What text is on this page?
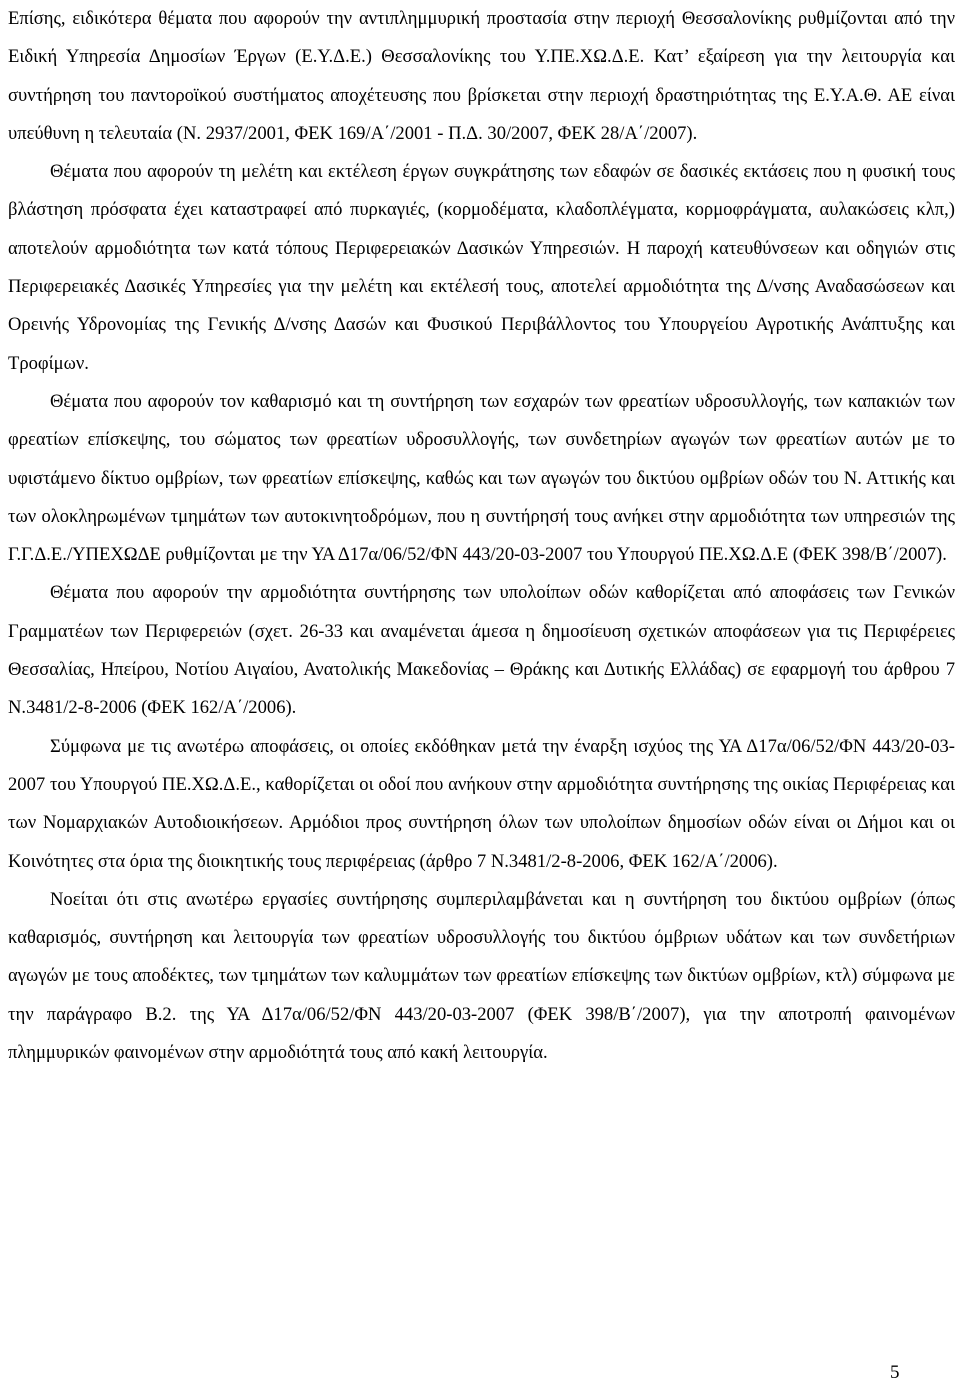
Επίσης, ειδικότερα θέματα που αφορούν την αντιπλημμυρική προστασία στην περιοχή Θεσσαλονίκης ρυθμίζονται από την Ειδική Υπηρεσία Δημοσίων Έργων (Ε.Υ.Δ.Ε.) Θεσσαλονίκης του Υ.ΠΕ.ΧΩ.Δ.Ε. Κατ’ εξαίρεση για την λειτουργία και συντήρηση του παντοροϊκού συστήματος αποχέτευσης που βρίσκεται στην περιοχή δραστηριότητας της Ε.Υ.Α.Θ. ΑΕ είναι υπεύθυνη η τελευταία (Ν. 2937/2001, ΦΕΚ 169/Α΄/2001 - Π.Δ. 30/2007, ΦΕΚ 28/Α΄/2007).

Θέματα που αφορούν τη μελέτη και εκτέλεση έργων συγκράτησης των εδαφών σε δασικές εκτάσεις που η φυσική τους βλάστηση πρόσφατα έχει καταστραφεί από πυρκαγιές, (κορμοδέματα, κλαδοπλέγματα, κορμοφράγματα, αυλακώσεις κλπ,) αποτελούν αρμοδιότητα των κατά τόπους Περιφερειακών Δασικών Υπηρεσιών. Η παροχή κατευθύνσεων και οδηγιών στις Περιφερειακές Δασικές Υπηρεσίες για την μελέτη και εκτέλεσή τους, αποτελεί αρμοδιότητα της Δ/νσης Αναδασώσεων και Ορεινής Υδρονομίας της Γενικής Δ/νσης Δασών και Φυσικού Περιβάλλοντος του Υπουργείου Αγροτικής Ανάπτυξης και Τροφίμων.

Θέματα που αφορούν τον καθαρισμό και τη συντήρηση των εσχαρών των φρεατίων υδροσυλλογής, των καπακιών των φρεατίων επίσκεψης, του σώματος των φρεατίων υδροσυλλογής, των συνδετηρίων αγωγών των φρεατίων αυτών με το υφιστάμενο δίκτυο ομβρίων, των φρεατίων επίσκεψης, καθώς και των αγωγών του δικτύου ομβρίων οδών του Ν. Αττικής και των ολοκληρωμένων τμημάτων των αυτοκινητοδρόμων, που η συντήρησή τους ανήκει στην αρμοδιότητα των υπηρεσιών της Γ.Γ.Δ.Ε./ΥΠΕΧΩΔΕ ρυθμίζονται με την ΥΑ Δ17α/06/52/ΦΝ 443/20-03-2007 του Υπουργού ΠΕ.ΧΩ.Δ.Ε (ΦΕΚ 398/Β΄/2007).

Θέματα που αφορούν την αρμοδιότητα συντήρησης των υπολοίπων οδών καθορίζεται από αποφάσεις των Γενικών Γραμματέων των Περιφερειών (σχετ. 26-33 και αναμένεται άμεσα η δημοσίευση σχετικών αποφάσεων για τις Περιφέρειες Θεσσαλίας, Ηπείρου, Νοτίου Αιγαίου, Ανατολικής Μακεδονίας – Θράκης και Δυτικής Ελλάδας) σε εφαρμογή του άρθρου 7 Ν.3481/2-8-2006 (ΦΕΚ 162/Α΄/2006).

Σύμφωνα με τις ανωτέρω αποφάσεις, οι οποίες εκδόθηκαν μετά την έναρξη ισχύος της ΥΑ Δ17α/06/52/ΦΝ 443/20-03-2007 του Υπουργού ΠΕ.ΧΩ.Δ.Ε., καθορίζεται οι οδοί που ανήκουν στην αρμοδιότητα συντήρησης της οικίας Περιφέρειας και των Νομαρχιακών Αυτοδιοικήσεων. Αρμόδιοι προς συντήρηση όλων των υπολοίπων δημοσίων οδών είναι οι Δήμοι και οι Κοινότητες στα όρια της διοικητικής τους περιφέρειας (άρθρο 7 Ν.3481/2-8-2006, ΦΕΚ 162/Α΄/2006).

Νοείται ότι στις ανωτέρω εργασίες συντήρησης συμπεριλαμβάνεται και η συντήρηση του δικτύου ομβρίων (όπως καθαρισμός, συντήρηση και λειτουργία των φρεατίων υδροσυλλογής του δικτύου όμβριων υδάτων και των συνδετήριων αγωγών με τους αποδέκτες, των τμημάτων των καλυμμάτων των φρεατίων επίσκεψης των δικτύων ομβρίων, κτλ) σύμφωνα με την παράγραφο Β.2. της ΥΑ Δ17α/06/52/ΦΝ 443/20-03-2007 (ΦΕΚ 398/Β΄/2007), για την αποτροπή φαινομένων πλημμυρικών φαινομένων στην αρμοδιότητά τους από κακή λειτουργία.

5
